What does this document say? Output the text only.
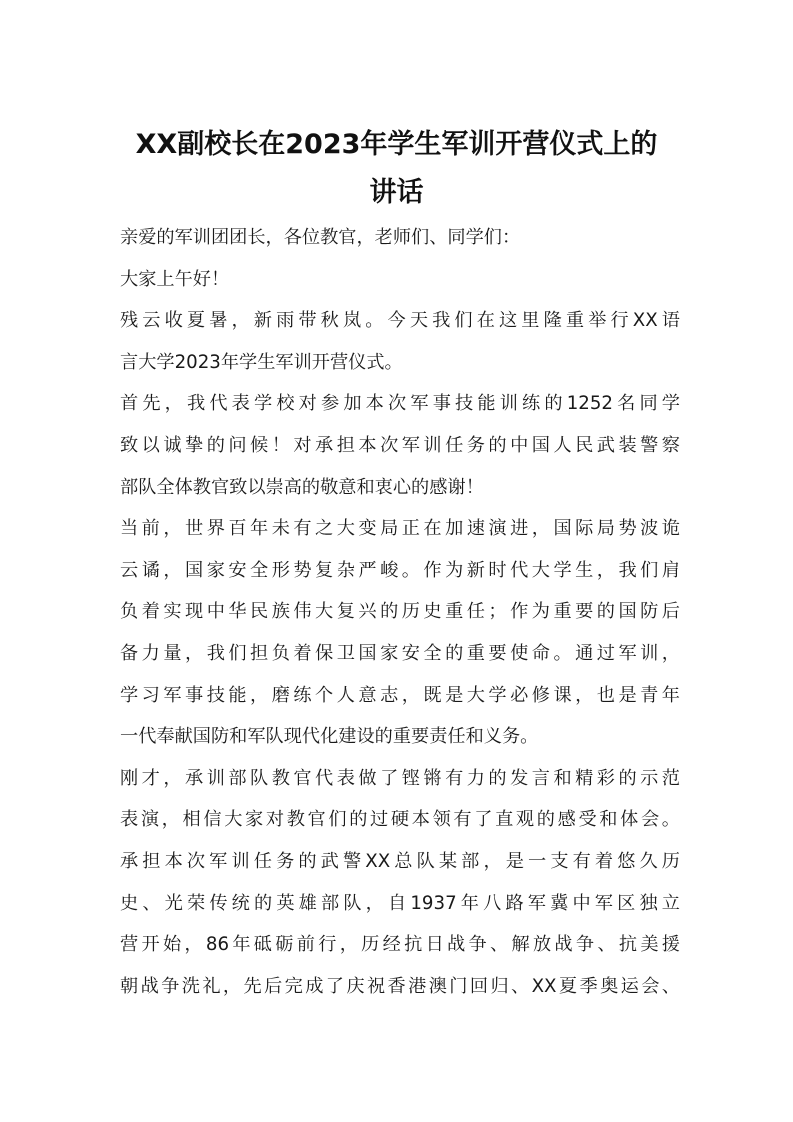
XX副校长在2023年学生军训开营仪式上的
讲话
亲爱的军训团团长，各位教官，老师们、同学们：
大家上午好！
残云收夏暑，新雨带秋岚。今天我们在这里隆重举行XX语
言大学2023年学生军训开营仪式。
首先，我代表学校对参加本次军事技能训练的1252名同学
致以诚挚的问候！对承担本次军训任务的中国人民武装警察
部队全体教官致以崇高的敬意和衷心的感谢！
当前，世界百年未有之大变局正在加速演进，国际局势波诡
云谲，国家安全形势复杂严峻。作为新时代大学生，我们肩
负着实现中华民族伟大复兴的历史重任；作为重要的国防后
备力量，我们担负着保卫国家安全的重要使命。通过军训，
学习军事技能，磨练个人意志，既是大学必修课，也是青年
一代奉献国防和军队现代化建设的重要责任和义务。
刚才，承训部队教官代表做了铿锵有力的发言和精彩的示范
表演，相信大家对教官们的过硬本领有了直观的感受和体会。
承担本次军训任务的武警XX总队某部，是一支有着悠久历
史、光荣传统的英雄部队，自1937年八路军冀中军区独立
营开始，86年砥砺前行，历经抗日战争、解放战争、抗美援
朝战争洗礼，先后完成了庆祝香港澳门回归、XX夏季奥运会、
